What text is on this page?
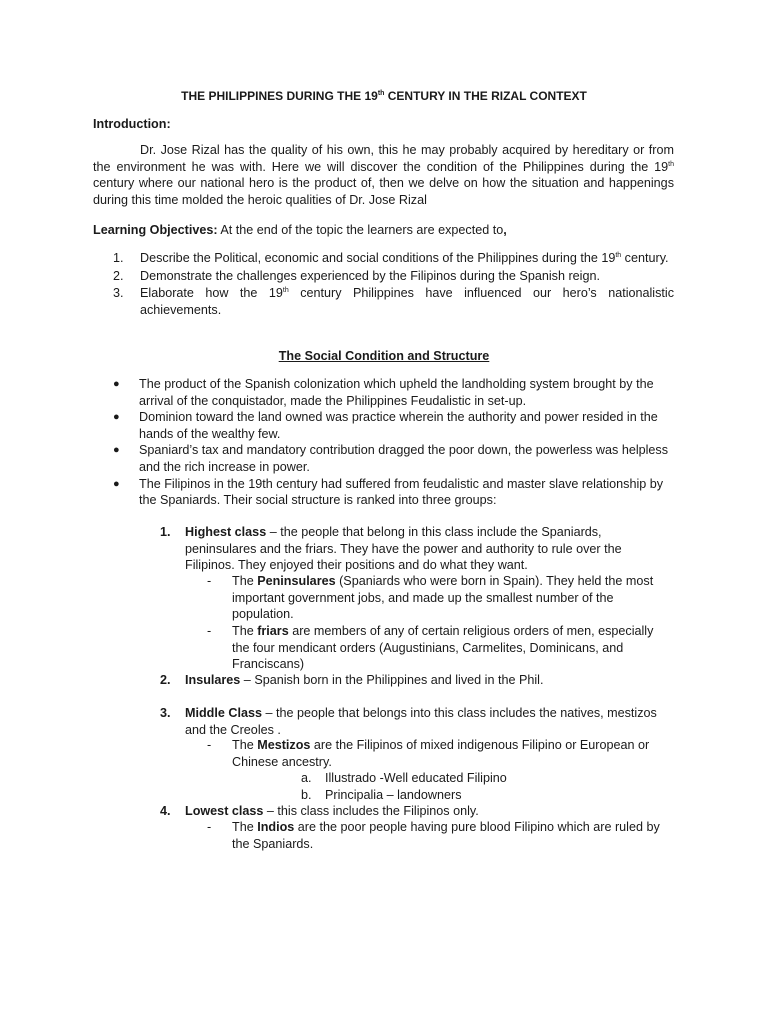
THE PHILIPPINES DURING THE 19th CENTURY IN THE RIZAL CONTEXT
Introduction:
Dr. Jose Rizal has the quality of his own, this he may probably acquired by hereditary or from the environment he was with. Here we will discover the condition of the Philippines during the 19th century where our national hero is the product of, then we delve on how the situation and happenings during this time molded the heroic qualities of Dr. Jose Rizal
Learning Objectives: At the end of the topic the learners are expected to,
1.	Describe the Political, economic and social conditions of the Philippines during the 19th century.
2.	Demonstrate the challenges experienced by the Filipinos during the Spanish reign.
3.	Elaborate how the 19th century Philippines have influenced our hero’s nationalistic achievements.
The Social Condition and Structure
●	The product of the Spanish colonization which upheld the landholding system brought by the arrival of the conquistador, made the Philippines Feudalistic in set-up.
●	Dominion toward the land owned was practice wherein the authority and power resided in the hands of the wealthy few.
●	Spaniard’s tax and mandatory contribution dragged the poor down, the powerless was helpless and the rich increase in power.
●	The Filipinos in the 19th century had suffered from feudalistic and master slave relationship by the Spaniards. Their social structure is ranked into three groups:
1.	Highest class – the people that belong in this class include the Spaniards, peninsulares and the friars. They have the power and authority to rule over the Filipinos. They enjoyed their positions and do what they want.
-	The Peninsulares (Spaniards who were born in Spain). They held the most important government jobs, and made up the smallest number of the population.
-	The friars are members of any of certain religious orders of men, especially the four mendicant orders (Augustinians, Carmelites, Dominicans, and Franciscans)
2.	Insulares – Spanish born in the Philippines and lived in the Phil.
3.	Middle Class – the people that belongs into this class includes the natives, mestizos and the Creoles .
-	The Mestizos are the Filipinos of mixed indigenous Filipino or European or Chinese ancestry.
a.	Illustrado -Well educated Filipino
b.	Principalia – landowners
4.	Lowest class – this class includes the Filipinos only.
-	The Indios are the poor people having pure blood Filipino which are ruled by the Spaniards.
